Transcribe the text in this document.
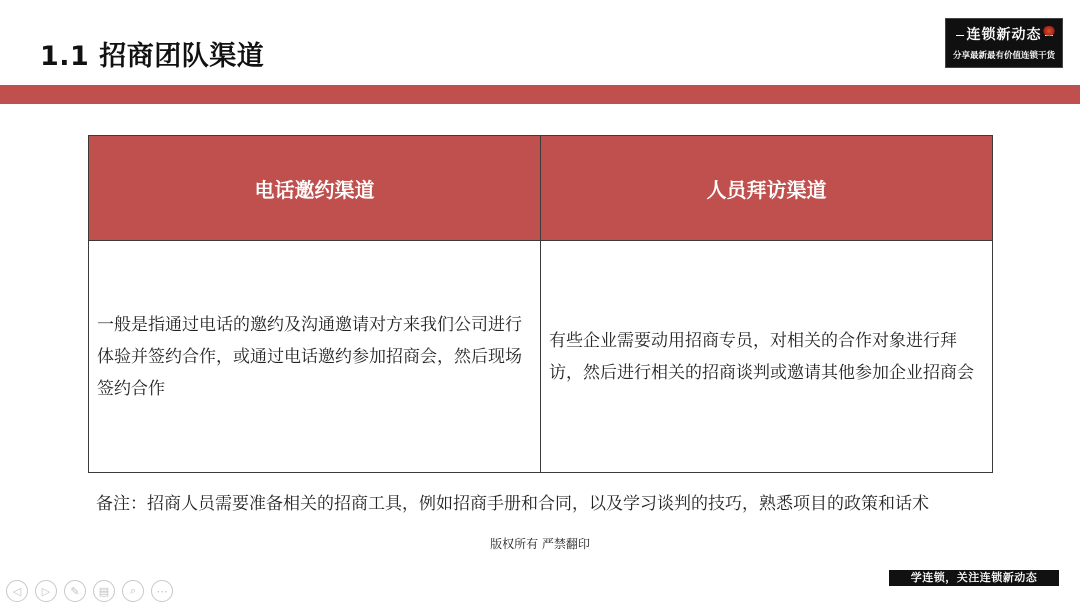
1.1 招商团队渠道
连锁新动态
分享最新最有价值连锁干货
电话邀约渠道	人员拜访渠道
一般是指通过电话的邀约及沟通邀请对方来我们公司进行体验并签约合作，或通过电话邀约参加招商会，然后现场签约合作	有些企业需要动用招商专员，对相关的合作对象进行拜访，然后进行相关的招商谈判或邀请其他参加企业招商会
备注：招商人员需要准备相关的招商工具，例如招商手册和合同，以及学习谈判的技巧，熟悉项目的政策和话术
版权所有 严禁翻印
◁	▷	✎	▤	⌕	⋯
学连锁，关注连锁新动态
